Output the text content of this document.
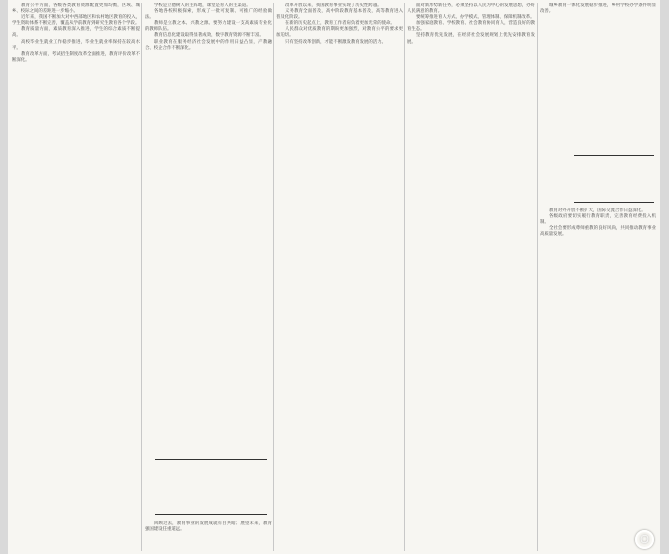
教育公平方面，各级各类教育资源配置更加均衡，区域、城乡、校际之间的差距进一步缩小。

近年来，我国不断加大对中西部地区和农村地区教育的投入，学生资助体系不断完善，覆盖从学前教育到研究生教育各个学段。

教育质量方面，素质教育深入推进，学生的综合素质不断提高。

高校毕业生就业工作稳步推进，毕业生就业率保持在较高水平。

教育改革方面，考试招生制度改革全面推进，教育评价改革不断深化。

学校是立德树人的主阵地，课堂是育人的主渠道。

各地各校积极探索，形成了一批可复制、可推广的经验做法。

教师是立教之本、兴教之源。要努力建设一支高素质专业化的教师队伍。

教育信息化建设取得显著成效，数字教育资源不断丰富。

职业教育在服务经济社会发展中的作用日益凸显，产教融合、校企合作不断深化。

回顾过去，教育事业的发展成就有目共睹；展望未来，教育强国建设任重道远。

改革开放以来，我国教育事业实现了历史性跨越。

义务教育全面普及，高中阶段教育基本普及，高等教育进入普及化阶段。

在新的历史起点上，教育工作者肩负着更加光荣的使命。

人民群众对优质教育的期盼更加强烈，对教育公平的要求更加迫切。

只有坚持改革创新，才能不断激发教育发展的活力。

面对新形势新任务，必须坚持以人民为中心的发展思想，办好人民满意的教育。

要统筹推进育人方式、办学模式、管理体制、保障机制改革。

加强家庭教育、学校教育、社会教育协同育人，营造良好的教育生态。

坚持教育优先发展，在经济社会发展规划上优先安排教育发展。

城乡教育一体化发展稳步推进，乡村学校办学条件明显改善。

教育对外开放不断扩大，国际交流合作日益深化。

各级政府要切实履行教育职责，完善教育经费投入机制。

全社会要形成尊师重教的良好风尚，共同推动教育事业高质量发展。

〇
